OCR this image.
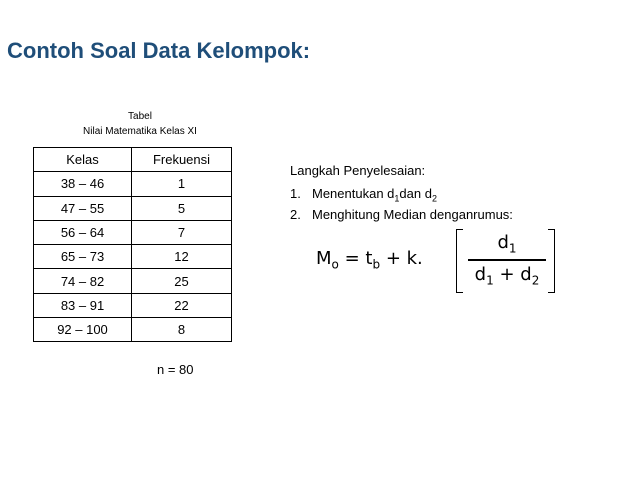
Contoh Soal Data Kelompok:
Tabel
Nilai Matematika Kelas XI
Kelas	Frekuensi
38 – 46	1
47 – 55	5
56 – 64	7
65 – 73	12
74 – 82	25
83 – 91	22
92 – 100	8
n = 80
Langkah Penyelesaian:
1. Menentukan $d_1dan$ $d_2$
2. Menghitung Median denganrumus:
$M_o = t_b + k$.
$d_1$
$d_1 + d_2$
